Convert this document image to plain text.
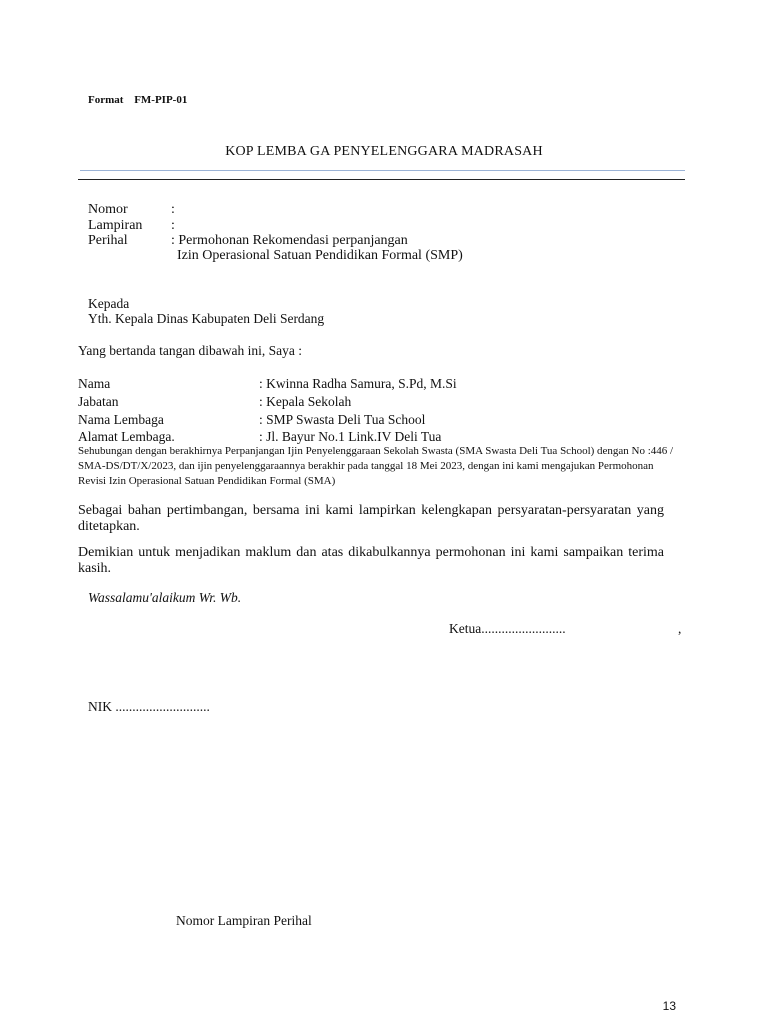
Format FM-PIP-01
KOP LEMBA GA PENYELENGGARA MADRASAH
Nomor	:
Lampiran :
Perihal	: Permohonan Rekomendasi perpanjangan
Izin Operasional Satuan Pendidikan Formal (SMP)
Kepada
Yth. Kepala Dinas Kabupaten Deli Serdang
Yang bertanda tangan dibawah ini, Saya :
Nama	: Kwinna Radha Samura, S.Pd, M.Si
Jabatan	: Kepala Sekolah
Nama Lembaga	: SMP Swasta Deli Tua School
Alamat Lembaga.	: Jl. Bayur No.1 Link.IV Deli Tua
Sehubungan dengan berakhirnya Perpanjangan Ijin Penyelenggaraan Sekolah Swasta (SMA Swasta Deli Tua School) dengan No :446 / SMA-DS/DT/X/2023, dan ijin penyelenggaraannya berakhir pada tanggal 18 Mei 2023, dengan ini kami mengajukan Permohonan Revisi Izin Operasional Satuan Pendidikan Formal (SMA)
Sebagai bahan pertimbangan, bersama ini kami lampirkan kelengkapan persyaratan-persyaratan yang ditetapkan.
Demikian untuk menjadikan maklum dan atas dikabulkannya permohonan ini kami sampaikan terima kasih.
Wassalamu'alaikum Wr. Wb.
Ketua.........................	,
NIK ............................
Nomor Lampiran Perihal
13
